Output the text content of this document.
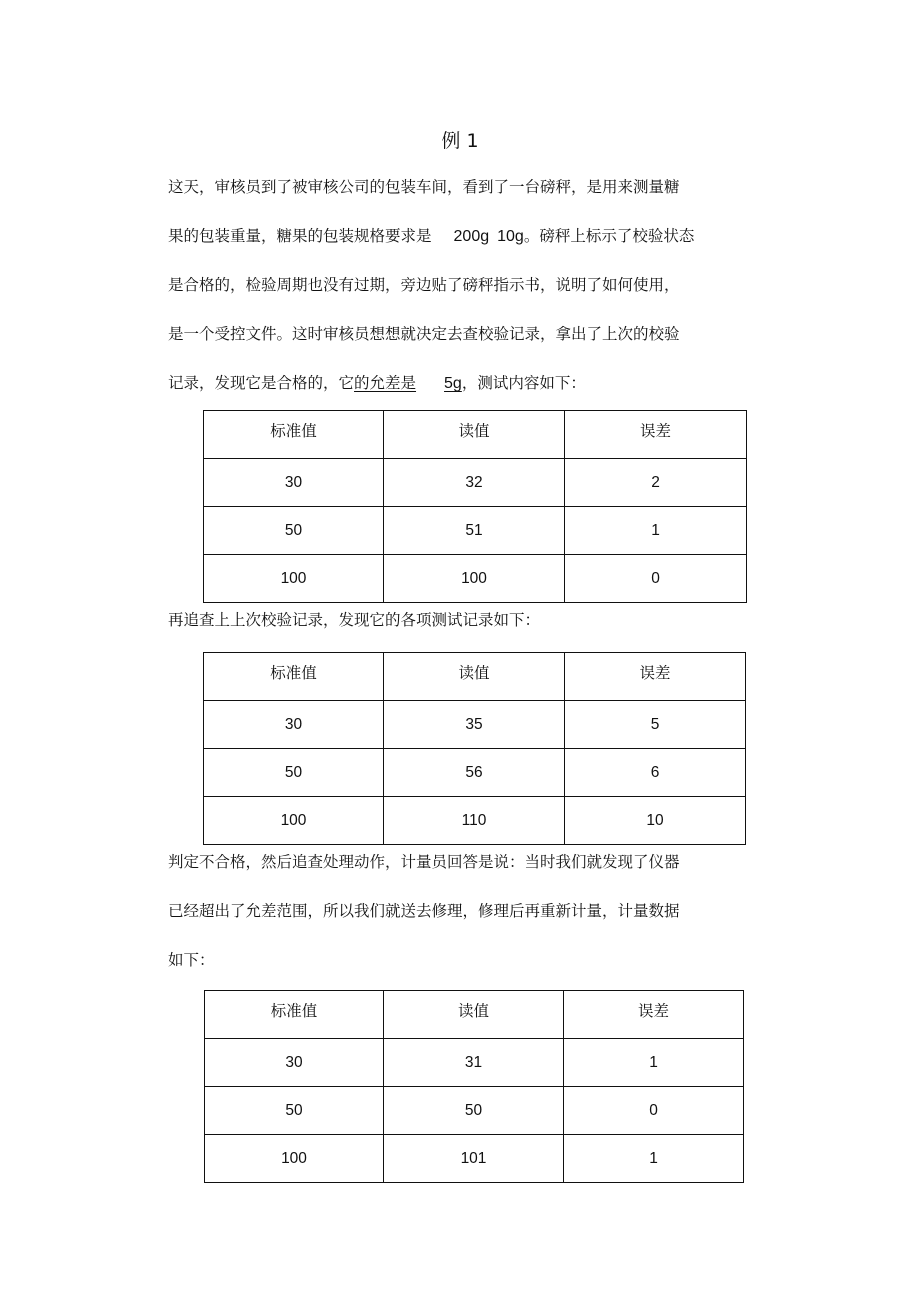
例 1
这天，审核员到了被审核公司的包装车间，看到了一台磅秤，是用来测量糖
果的包装重量，糖果的包装规格要求是 200g 10g。磅秤上标示了校验状态
是合格的，检验周期也没有过期，旁边贴了磅秤指示书，说明了如何使用，
是一个受控文件。这时审核员想想就决定去查校验记录，拿出了上次的校验
记录，发现它是合格的，它的允差是 5g，测试内容如下：
标准值	读值	误差
30	32	2
50	51	1
100	100	0
再追查上上次校验记录，发现它的各项测试记录如下：
标准值	读值	误差
30	35	5
50	56	6
100	110	10
判定不合格，然后追查处理动作，计量员回答是说：当时我们就发现了仪器
已经超出了允差范围，所以我们就送去修理，修理后再重新计量，计量数据
如下：
标准值	读值	误差
30	31	1
50	50	0
100	101	1
